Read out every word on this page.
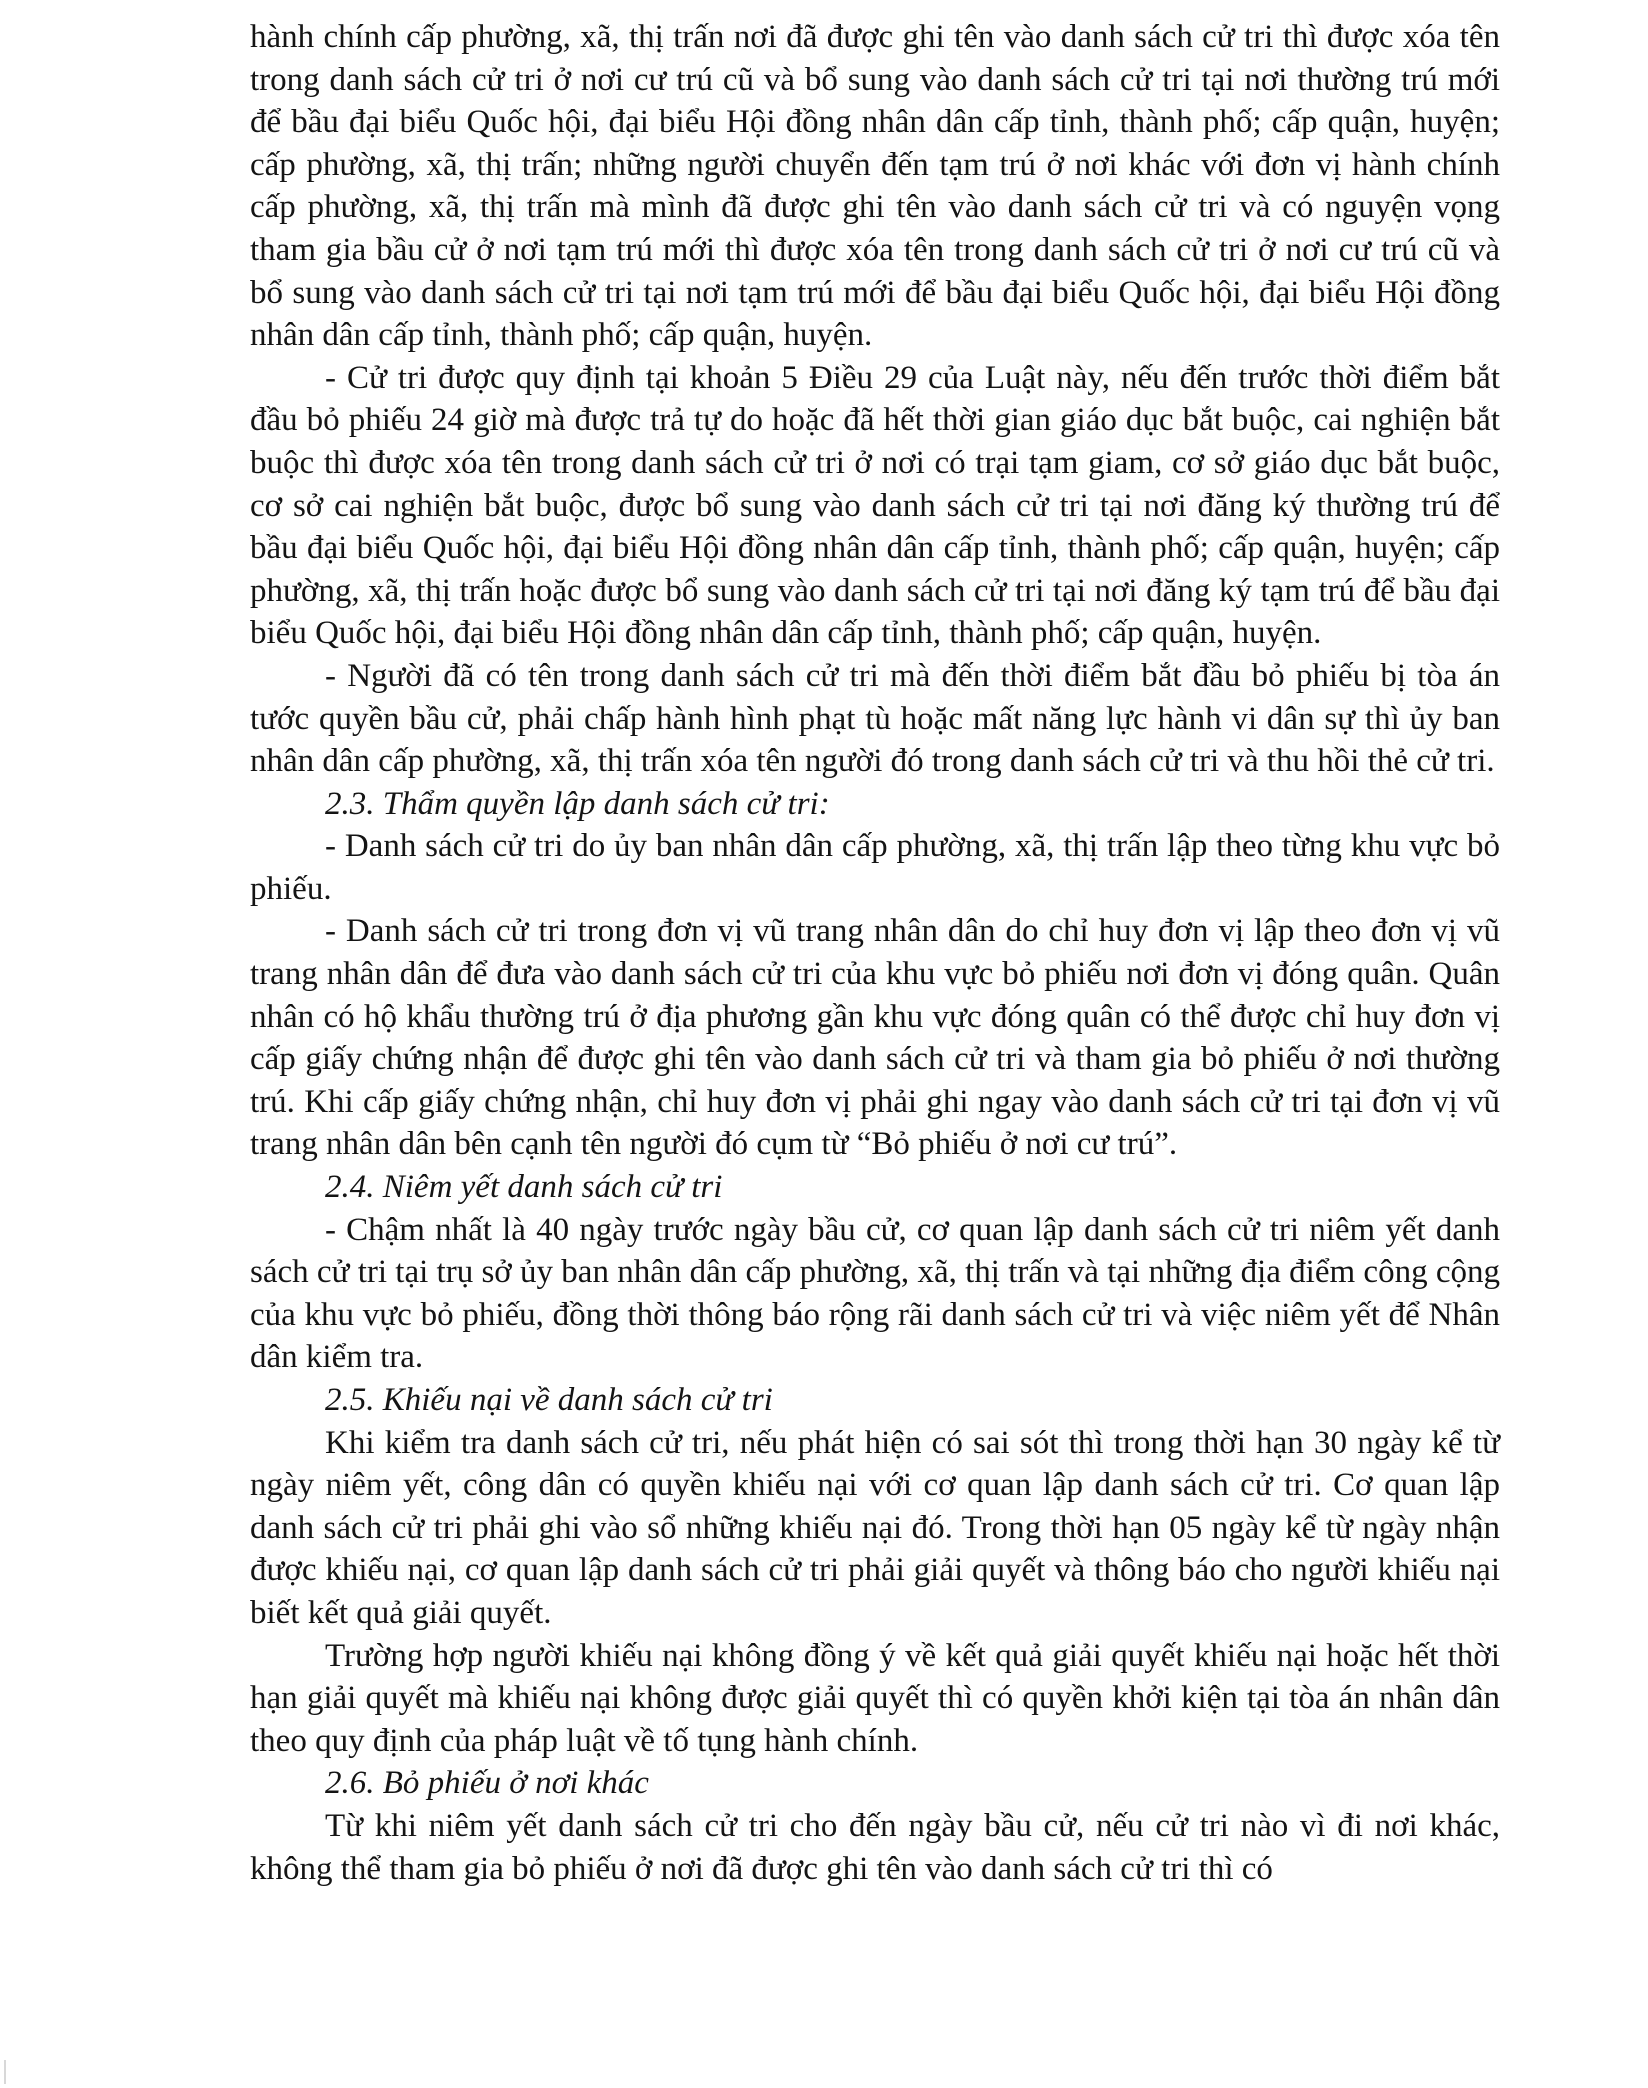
hành chính cấp phường, xã, thị trấn nơi đã được ghi tên vào danh sách cử tri thì được xóa tên trong danh sách cử tri ở nơi cư trú cũ và bổ sung vào danh sách cử tri tại nơi thường trú mới để bầu đại biểu Quốc hội, đại biểu Hội đồng nhân dân cấp tỉnh, thành phố; cấp quận, huyện; cấp phường, xã, thị trấn; những người chuyển đến tạm trú ở nơi khác với đơn vị hành chính cấp phường, xã, thị trấn mà mình đã được ghi tên vào danh sách cử tri và có nguyện vọng tham gia bầu cử ở nơi tạm trú mới thì được xóa tên trong danh sách cử tri ở nơi cư trú cũ và bổ sung vào danh sách cử tri tại nơi tạm trú mới để bầu đại biểu Quốc hội, đại biểu Hội đồng nhân dân cấp tỉnh, thành phố; cấp quận, huyện.

- Cử tri được quy định tại khoản 5 Điều 29 của Luật này, nếu đến trước thời điểm bắt đầu bỏ phiếu 24 giờ mà được trả tự do hoặc đã hết thời gian giáo dục bắt buộc, cai nghiện bắt buộc thì được xóa tên trong danh sách cử tri ở nơi có trại tạm giam, cơ sở giáo dục bắt buộc, cơ sở cai nghiện bắt buộc, được bổ sung vào danh sách cử tri tại nơi đăng ký thường trú để bầu đại biểu Quốc hội, đại biểu Hội đồng nhân dân cấp tỉnh, thành phố; cấp quận, huyện; cấp phường, xã, thị trấn hoặc được bổ sung vào danh sách cử tri tại nơi đăng ký tạm trú để bầu đại biểu Quốc hội, đại biểu Hội đồng nhân dân cấp tỉnh, thành phố; cấp quận, huyện.

- Người đã có tên trong danh sách cử tri mà đến thời điểm bắt đầu bỏ phiếu bị tòa án tước quyền bầu cử, phải chấp hành hình phạt tù hoặc mất năng lực hành vi dân sự thì ủy ban nhân dân cấp phường, xã, thị trấn xóa tên người đó trong danh sách cử tri và thu hồi thẻ cử tri.

2.3. Thẩm quyền lập danh sách cử tri:

- Danh sách cử tri do ủy ban nhân dân cấp phường, xã, thị trấn lập theo từng khu vực bỏ phiếu.

- Danh sách cử tri trong đơn vị vũ trang nhân dân do chỉ huy đơn vị lập theo đơn vị vũ trang nhân dân để đưa vào danh sách cử tri của khu vực bỏ phiếu nơi đơn vị đóng quân. Quân nhân có hộ khẩu thường trú ở địa phương gần khu vực đóng quân có thể được chỉ huy đơn vị cấp giấy chứng nhận để được ghi tên vào danh sách cử tri và tham gia bỏ phiếu ở nơi thường trú. Khi cấp giấy chứng nhận, chỉ huy đơn vị phải ghi ngay vào danh sách cử tri tại đơn vị vũ trang nhân dân bên cạnh tên người đó cụm từ “Bỏ phiếu ở nơi cư trú”.

2.4. Niêm yết danh sách cử tri

- Chậm nhất là 40 ngày trước ngày bầu cử, cơ quan lập danh sách cử tri niêm yết danh sách cử tri tại trụ sở ủy ban nhân dân cấp phường, xã, thị trấn và tại những địa điểm công cộng của khu vực bỏ phiếu, đồng thời thông báo rộng rãi danh sách cử tri và việc niêm yết để Nhân dân kiểm tra.

2.5. Khiếu nại về danh sách cử tri

Khi kiểm tra danh sách cử tri, nếu phát hiện có sai sót thì trong thời hạn 30 ngày kể từ ngày niêm yết, công dân có quyền khiếu nại với cơ quan lập danh sách cử tri. Cơ quan lập danh sách cử tri phải ghi vào sổ những khiếu nại đó. Trong thời hạn 05 ngày kể từ ngày nhận được khiếu nại, cơ quan lập danh sách cử tri phải giải quyết và thông báo cho người khiếu nại biết kết quả giải quyết.

Trường hợp người khiếu nại không đồng ý về kết quả giải quyết khiếu nại hoặc hết thời hạn giải quyết mà khiếu nại không được giải quyết thì có quyền khởi kiện tại tòa án nhân dân theo quy định của pháp luật về tố tụng hành chính.

2.6. Bỏ phiếu ở nơi khác

Từ khi niêm yết danh sách cử tri cho đến ngày bầu cử, nếu cử tri nào vì đi nơi khác, không thể tham gia bỏ phiếu ở nơi đã được ghi tên vào danh sách cử tri thì có
